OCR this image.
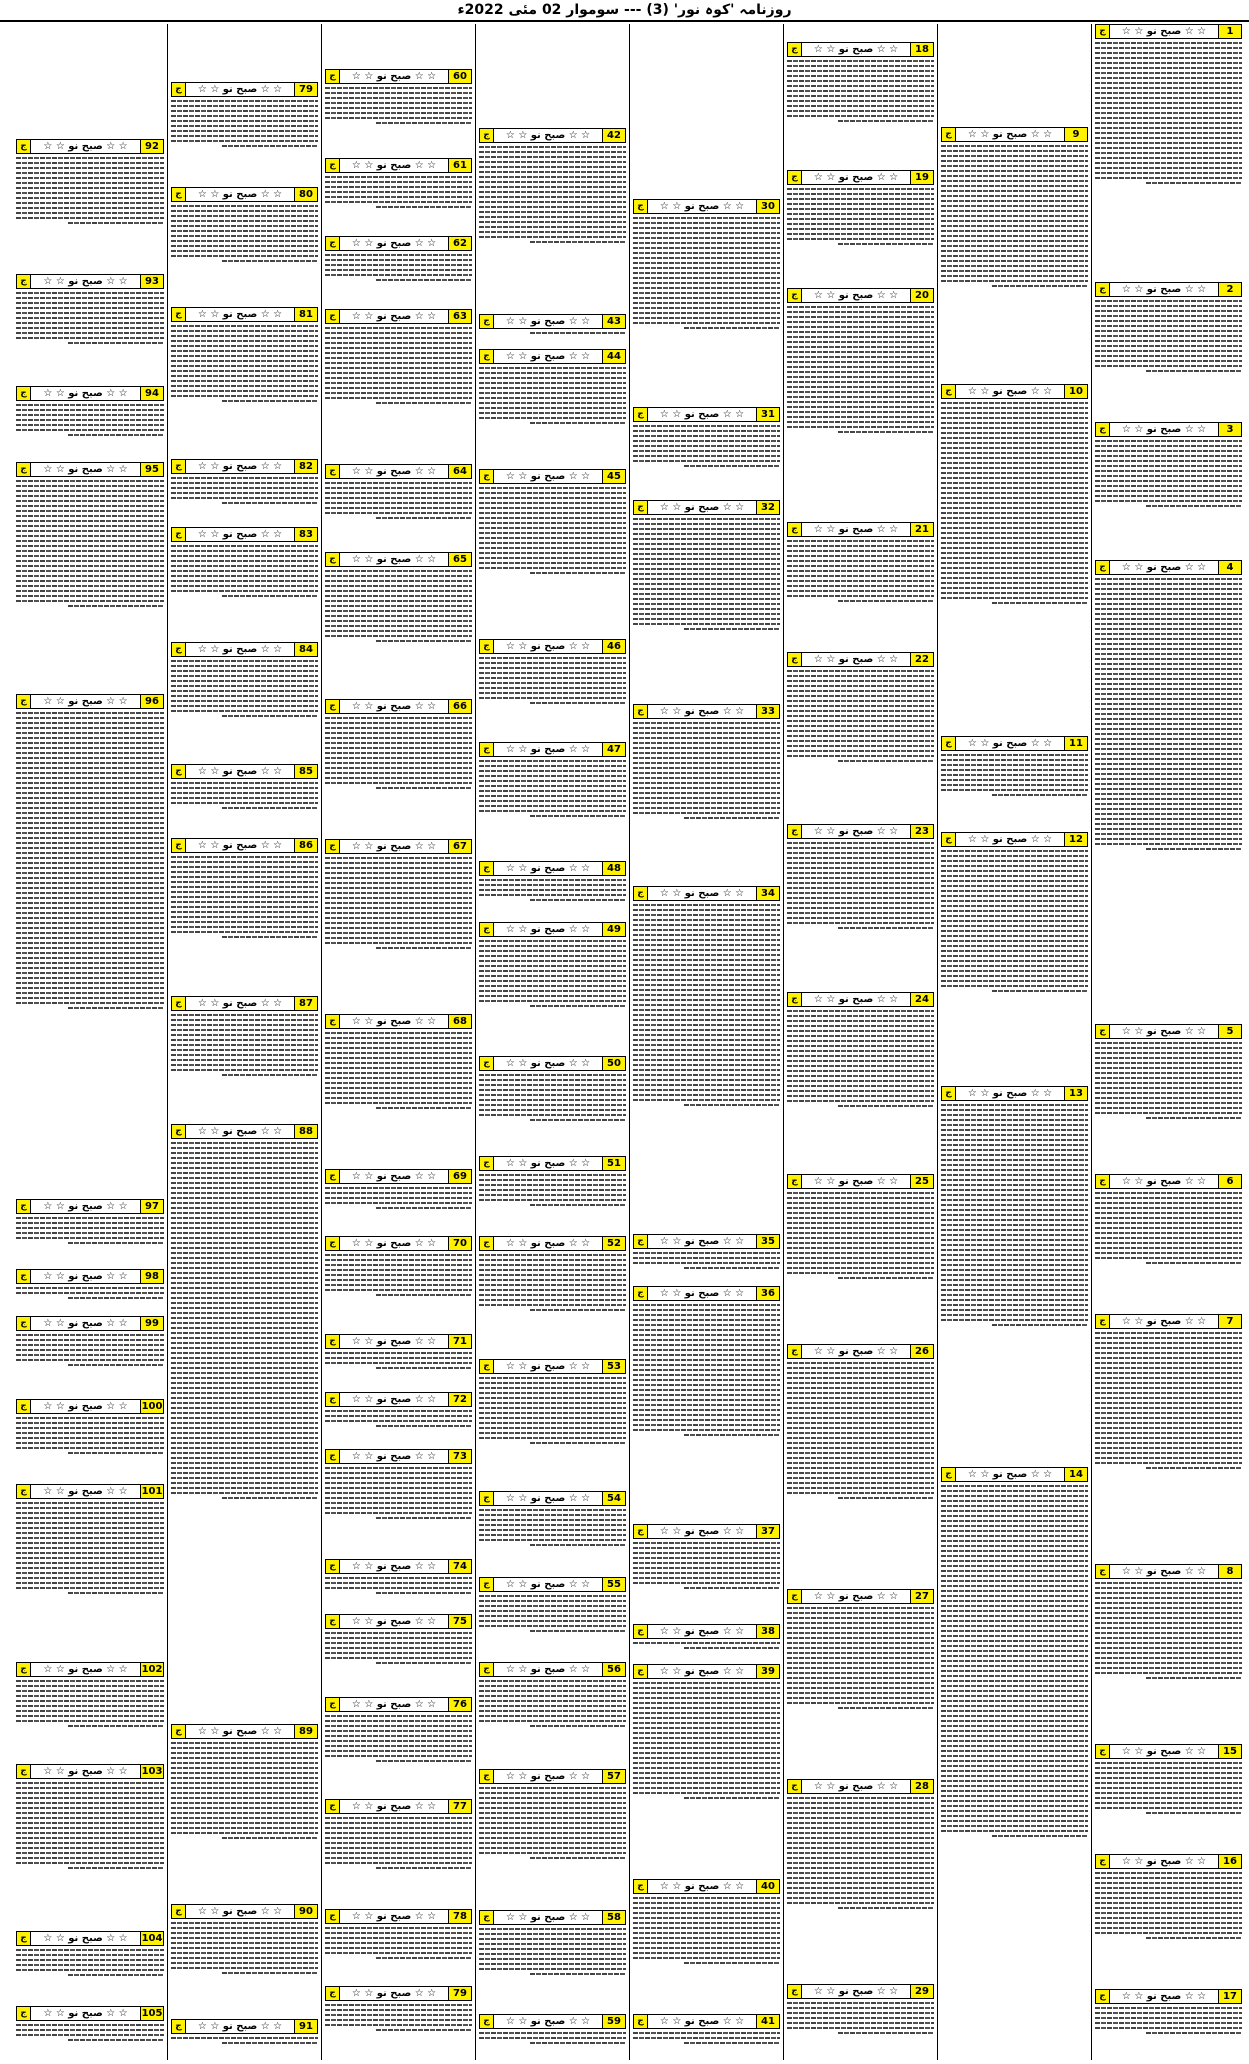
روزنامہ 'کوہ نور' (3) --- سوموار 02 مئی 2022ء
1
☆ ☆ صبح نو ☆ ☆
ج
2
☆ ☆ صبح نو ☆ ☆
ج
3
☆ ☆ صبح نو ☆ ☆
ج
4
☆ ☆ صبح نو ☆ ☆
ج
5
☆ ☆ صبح نو ☆ ☆
ج
6
☆ ☆ صبح نو ☆ ☆
ج
7
☆ ☆ صبح نو ☆ ☆
ج
8
☆ ☆ صبح نو ☆ ☆
ج
15
☆ ☆ صبح نو ☆ ☆
ج
16
☆ ☆ صبح نو ☆ ☆
ج
17
☆ ☆ صبح نو ☆ ☆
ج
9
☆ ☆ صبح نو ☆ ☆
ج
10
☆ ☆ صبح نو ☆ ☆
ج
11
☆ ☆ صبح نو ☆ ☆
ج
12
☆ ☆ صبح نو ☆ ☆
ج
13
☆ ☆ صبح نو ☆ ☆
ج
14
☆ ☆ صبح نو ☆ ☆
ج
18
☆ ☆ صبح نو ☆ ☆
ج
19
☆ ☆ صبح نو ☆ ☆
ج
20
☆ ☆ صبح نو ☆ ☆
ج
21
☆ ☆ صبح نو ☆ ☆
ج
22
☆ ☆ صبح نو ☆ ☆
ج
23
☆ ☆ صبح نو ☆ ☆
ج
24
☆ ☆ صبح نو ☆ ☆
ج
25
☆ ☆ صبح نو ☆ ☆
ج
26
☆ ☆ صبح نو ☆ ☆
ج
27
☆ ☆ صبح نو ☆ ☆
ج
28
☆ ☆ صبح نو ☆ ☆
ج
29
☆ ☆ صبح نو ☆ ☆
ج
30
☆ ☆ صبح نو ☆ ☆
ج
31
☆ ☆ صبح نو ☆ ☆
ج
32
☆ ☆ صبح نو ☆ ☆
ج
33
☆ ☆ صبح نو ☆ ☆
ج
34
☆ ☆ صبح نو ☆ ☆
ج
35
☆ ☆ صبح نو ☆ ☆
ج
36
☆ ☆ صبح نو ☆ ☆
ج
37
☆ ☆ صبح نو ☆ ☆
ج
38
☆ ☆ صبح نو ☆ ☆
ج
39
☆ ☆ صبح نو ☆ ☆
ج
40
☆ ☆ صبح نو ☆ ☆
ج
41
☆ ☆ صبح نو ☆ ☆
ج
42
☆ ☆ صبح نو ☆ ☆
ج
43
☆ ☆ صبح نو ☆ ☆
ج
44
☆ ☆ صبح نو ☆ ☆
ج
45
☆ ☆ صبح نو ☆ ☆
ج
46
☆ ☆ صبح نو ☆ ☆
ج
47
☆ ☆ صبح نو ☆ ☆
ج
48
☆ ☆ صبح نو ☆ ☆
ج
49
☆ ☆ صبح نو ☆ ☆
ج
50
☆ ☆ صبح نو ☆ ☆
ج
51
☆ ☆ صبح نو ☆ ☆
ج
52
☆ ☆ صبح نو ☆ ☆
ج
53
☆ ☆ صبح نو ☆ ☆
ج
54
☆ ☆ صبح نو ☆ ☆
ج
55
☆ ☆ صبح نو ☆ ☆
ج
56
☆ ☆ صبح نو ☆ ☆
ج
57
☆ ☆ صبح نو ☆ ☆
ج
58
☆ ☆ صبح نو ☆ ☆
ج
59
☆ ☆ صبح نو ☆ ☆
ج
60
☆ ☆ صبح نو ☆ ☆
ج
61
☆ ☆ صبح نو ☆ ☆
ج
62
☆ ☆ صبح نو ☆ ☆
ج
63
☆ ☆ صبح نو ☆ ☆
ج
64
☆ ☆ صبح نو ☆ ☆
ج
65
☆ ☆ صبح نو ☆ ☆
ج
66
☆ ☆ صبح نو ☆ ☆
ج
67
☆ ☆ صبح نو ☆ ☆
ج
68
☆ ☆ صبح نو ☆ ☆
ج
69
☆ ☆ صبح نو ☆ ☆
ج
70
☆ ☆ صبح نو ☆ ☆
ج
71
☆ ☆ صبح نو ☆ ☆
ج
72
☆ ☆ صبح نو ☆ ☆
ج
73
☆ ☆ صبح نو ☆ ☆
ج
74
☆ ☆ صبح نو ☆ ☆
ج
75
☆ ☆ صبح نو ☆ ☆
ج
76
☆ ☆ صبح نو ☆ ☆
ج
77
☆ ☆ صبح نو ☆ ☆
ج
78
☆ ☆ صبح نو ☆ ☆
ج
79
☆ ☆ صبح نو ☆ ☆
ج
79
☆ ☆ صبح نو ☆ ☆
ج
80
☆ ☆ صبح نو ☆ ☆
ج
81
☆ ☆ صبح نو ☆ ☆
ج
82
☆ ☆ صبح نو ☆ ☆
ج
83
☆ ☆ صبح نو ☆ ☆
ج
84
☆ ☆ صبح نو ☆ ☆
ج
85
☆ ☆ صبح نو ☆ ☆
ج
86
☆ ☆ صبح نو ☆ ☆
ج
87
☆ ☆ صبح نو ☆ ☆
ج
88
☆ ☆ صبح نو ☆ ☆
ج
89
☆ ☆ صبح نو ☆ ☆
ج
90
☆ ☆ صبح نو ☆ ☆
ج
91
☆ ☆ صبح نو ☆ ☆
ج
92
☆ ☆ صبح نو ☆ ☆
ج
93
☆ ☆ صبح نو ☆ ☆
ج
94
☆ ☆ صبح نو ☆ ☆
ج
95
☆ ☆ صبح نو ☆ ☆
ج
96
☆ ☆ صبح نو ☆ ☆
ج
97
☆ ☆ صبح نو ☆ ☆
ج
98
☆ ☆ صبح نو ☆ ☆
ج
99
☆ ☆ صبح نو ☆ ☆
ج
100
☆ ☆ صبح نو ☆ ☆
ج
101
☆ ☆ صبح نو ☆ ☆
ج
102
☆ ☆ صبح نو ☆ ☆
ج
103
☆ ☆ صبح نو ☆ ☆
ج
104
☆ ☆ صبح نو ☆ ☆
ج
105
☆ ☆ صبح نو ☆ ☆
ج
